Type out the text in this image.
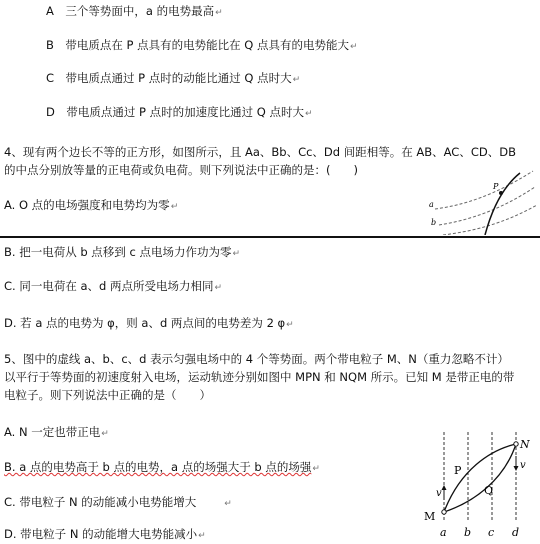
A　三个等势面中，a 的电势最高↵
B　带电质点在 P 点具有的电势能比在 Q 点具有的电势能大↵
C　带电质点通过 P 点时的动能比通过 Q 点时大↵
D　带电质点通过 P 点时的加速度比通过 Q 点时大↵
4、现有两个边长不等的正方形，如图所示，且 Aa、Bb、Cc、Dd 间距相等。在 AB、AC、CD、DB
的中点分别放等量的正电荷或负电荷。则下列说法中正确的是：(　　)
A. O 点的电场强度和电势均为零↵
P
a
b
B. 把一电荷从 b 点移到 c 点电场力作功为零↵
C. 同一电荷在 a、d 两点所受电场力相同↵
D. 若 a 点的电势为 φ，则 a、d 两点间的电势差为 2 φ↵
5、图中的虚线 a、b、c、d 表示匀强电场中的 4 个等势面。两个带电粒子 M、N（重力忽略不计）
以平行于等势面的初速度射入电场，运动轨迹分别如图中 MPN 和 NQM 所示。已知 M 是带正电的带
电粒子。则下列说法中正确的是（　　）
A. N 一定也带正电↵
B. a 点的电势高于 b 点的电势，a 点的场强大于 b 点的场强↵
C. 带电粒子 N 的动能减小电势能增大	↵
D. 带电粒子 N 的动能增大电势能减小↵
N
M
P
Q
v
v
a b c d
